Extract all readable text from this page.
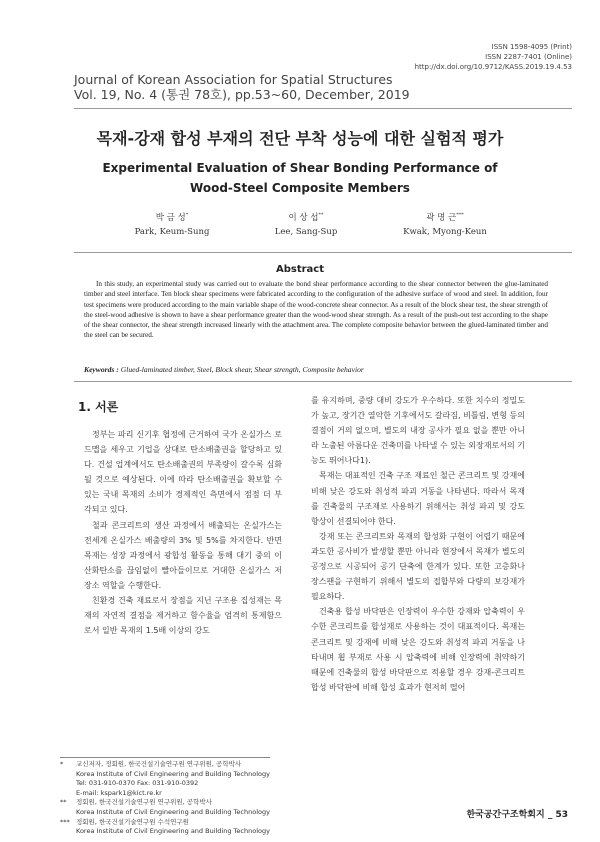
ISSN 1598-4095 (Print)
ISSN 2287-7401 (Online)
http://dx.doi.org/10.9712/KASS.2019.19.4.53
Journal of Korean Association for Spatial Structures
Vol. 19, No. 4 (통권 78호), pp.53~60, December, 2019
목재-강재 합성 부재의 전단 부착 성능에 대한 실험적 평가
Experimental Evaluation of Shear Bonding Performance of
Wood-Steel Composite Members
박 금 성*
Park, Keum-Sung
이 상 섭**
Lee, Sang-Sup
곽 명 근***
Kwak, Myong-Keun
Abstract
In this study, an experimental study was carried out to evaluate the bond shear performance according to the shear connector between the glue-laminated timber and steel interface. Ten block shear specimens were fabricated according to the configuration of the adhesive surface of wood and steel. In addition, four test specimens were produced according to the main variable shape of the wood-concrete shear connector. As a result of the block shear test, the shear strength of the steel-wood adhesive is shown to have a shear performance greater than the wood-wood shear strength. As a result of the push-out test according to the shape of the shear connector, the shear strength increased linearly with the attachment area. The complete composite behavior between the glued-laminated timber and the steel can be secured.
Keywords : Glued-laminated timber, Steel, Block shear, Shear strength, Composite behavior
1. 서론

정부는 파리 신기후 협정에 근거하여 국가 온실가스 로드맵을 세우고 기업을 상대로 탄소배출권을 할당하고 있다. 건설 업계에서도 탄소배출권의 부족량이 갈수록 심화될 것으로 예상된다. 이에 따라 탄소배출권을 확보할 수 있는 국내 목재의 소비가 경제적인 측면에서 점점 더 부각되고 있다.

철과 콘크리트의 생산 과정에서 배출되는 온실가스는 전세계 온실가스 배출량의 3% 및 5%를 차지한다. 반면 목재는 성장 과정에서 광합성 활동을 통해 대기 중의 이산화탄소를 끊임없이 빨아들이므로 거대한 온실가스 저장소 역할을 수행한다.

친환경 건축 재료로서 장점을 지닌 구조용 집성재는 목재의 자연적 결점을 제거하고 함수율을 엄격히 통제함으로서 일반 목재의 1.5배 이상의 강도

를 유지하며, 중량 대비 강도가 우수하다. 또한 치수의 정밀도가 높고, 장기간 열악한 기후에서도 갈라짐, 비틀림, 변형 등의 결점이 거의 없으며, 별도의 내장 공사가 필요 없을 뿐만 아니라 노출된 아름다운 건축미를 나타낼 수 있는 외장재로서의 기능도 뛰어나다1).

목재는 대표적인 건축 구조 재료인 철근 콘크리트 및 강재에 비해 낮은 강도와 취성적 파괴 거동을 나타낸다. 따라서 목재를 건축물의 구조재로 사용하기 위해서는 취성 파괴 및 강도 향상이 선결되어야 한다.

강재 또는 콘크리트와 목재의 합성화 구현이 어렵기 때문에 과도한 공사비가 발생할 뿐만 아니라 현장에서 목재가 별도의 공정으로 시공되어 공기 단축에 한계가 있다. 또한 고층화나 장스팬을 구현하기 위해서 별도의 접합부와 다량의 보강재가 필요하다.

건축용 합성 바닥판은 인장력이 우수한 강재와 압축력이 우수한 콘크리트를 합성재로 사용하는 것이 대표적이다. 목재는 콘크리트 및 강재에 비해 낮은 강도와 취성적 파괴 거동을 나타내며 휨 부재로 사용 시 압축력에 비해 인장력에 취약하기 때문에 건축물의 합성 바닥판으로 적용할 경우 강재-콘크리트 합성 바닥판에 비해 합성 효과가 현저히 떨어

*	교신저자, 정회원, 한국건설기술연구원 연구위원, 공학박사
Korea Institute of Civil Engineering and Building Technology
Tel: 031-910-0370 Fax: 031-910-0392
E-mail: kspark1@kict.re.kr
**	정회원, 한국건설기술연구원 연구위원, 공학박사
Korea Institute of Civil Engineering and Building Technology
*** 정회원, 한국건설기술연구원 수석연구원
Korea Institute of Civil Engineering and Building Technology
한국공간구조학회지 _ 53
